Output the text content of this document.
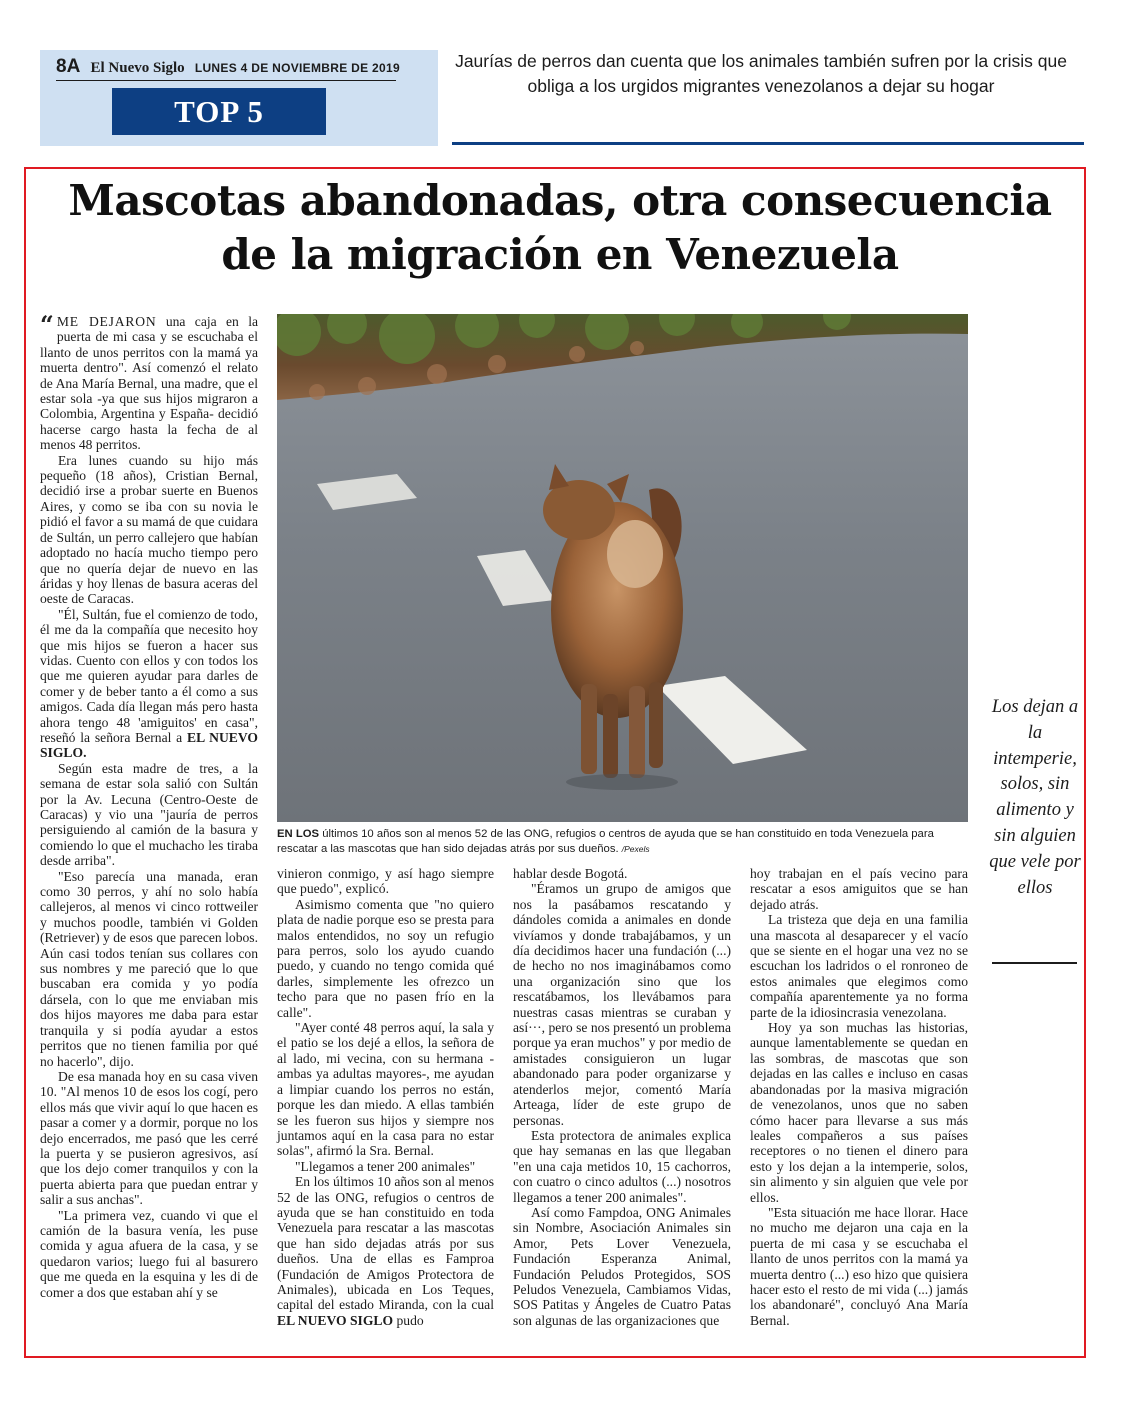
8A El Nuevo Siglo LUNES 4 DE NOVIEMBRE DE 2019
TOP 5
Jaurías de perros dan cuenta que los animales también sufren por la crisis que obliga a los urgidos migrantes venezolanos a dejar su hogar
Mascotas abandonadas, otra consecuencia
de la migración en Venezuela

“ ME DEJARON una caja en la puerta de mi casa y se escuchaba el llanto de unos perritos con la mamá ya muerta dentro". Así comenzó el relato de Ana María Bernal, una madre, que el estar sola -ya que sus hijos migraron a Colombia, Argentina y España- decidió hacerse cargo hasta la fecha de al menos 48 perritos.

Era lunes cuando su hijo más pequeño (18 años), Cristian Bernal, decidió irse a probar suerte en Buenos Aires, y como se iba con su novia le pidió el favor a su mamá de que cuidara de Sultán, un perro callejero que habían adoptado no hacía mucho tiempo pero que no quería dejar de nuevo en las áridas y hoy llenas de basura aceras del oeste de Caracas.

"Él, Sultán, fue el comienzo de todo, él me da la compañía que necesito hoy que mis hijos se fueron a hacer sus vidas. Cuento con ellos y con todos los que me quieren ayudar para darles de comer y de beber tanto a él como a sus amigos. Cada día llegan más pero hasta ahora tengo 48 'amiguitos' en casa", reseñó la señora Bernal a EL NUEVO SIGLO.

Según esta madre de tres, a la semana de estar sola salió con Sultán por la Av. Lecuna (Centro-Oeste de Caracas) y vio una "jauría de perros persiguiendo al camión de la basura y comiendo lo que el muchacho les tiraba desde arriba".

"Eso parecía una manada, eran como 30 perros, y ahí no solo había callejeros, al menos vi cinco rottweiler y muchos poodle, también vi Golden (Retriever) y de esos que parecen lobos. Aún casi todos tenían sus collares con sus nombres y me pareció que lo que buscaban era comida y yo podía dársela, con lo que me enviaban mis dos hijos mayores me daba para estar tranquila y si podía ayudar a estos perritos que no tienen familia por qué no hacerlo", dijo.

De esa manada hoy en su casa viven 10. "Al menos 10 de esos los cogí, pero ellos más que vivir aquí lo que hacen es pasar a comer y a dormir, porque no los dejo encerrados, me pasó que les cerré la puerta y se pusieron agresivos, así que los dejo comer tranquilos y con la puerta abierta para que puedan entrar y salir a sus anchas".

"La primera vez, cuando vi que el camión de la basura venía, les puse comida y agua afuera de la casa, y se quedaron varios; luego fui al basurero que me queda en la esquina y les di de comer a dos que estaban ahí y se

EN LOS últimos 10 años son al menos 52 de las ONG, refugios o centros de ayuda que se han constituido en toda Venezuela para rescatar a las mascotas que han sido dejadas atrás por sus dueños. /Pexels

vinieron conmigo, y así hago siempre que puedo", explicó.

Asimismo comenta que "no quiero plata de nadie porque eso se presta para malos entendidos, no soy un refugio para perros, solo los ayudo cuando puedo, y cuando no tengo comida qué darles, simplemente les ofrezco un techo para que no pasen frío en la calle".

"Ayer conté 48 perros aquí, la sala y el patio se los dejé a ellos, la señora de al lado, mi vecina, con su hermana -ambas ya adultas mayores-, me ayudan a limpiar cuando los perros no están, porque les dan miedo. A ellas también se les fueron sus hijos y siempre nos juntamos aquí en la casa para no estar solas", afirmó la Sra. Bernal.

"Llegamos a tener 200 animales"

En los últimos 10 años son al menos 52 de las ONG, refugios o centros de ayuda que se han constituido en toda Venezuela para rescatar a las mascotas que han sido dejadas atrás por sus dueños. Una de ellas es Famproa (Fundación de Amigos Protectora de Animales), ubicada en Los Teques, capital del estado Miranda, con la cual EL NUEVO SIGLO pudo

hablar desde Bogotá.

"Éramos un grupo de amigos que nos la pasábamos rescatando y dándoles comida a animales en donde vivíamos y donde trabajábamos, y un día decidimos hacer una fundación (...) de hecho no nos imaginábamos como una organización sino que los rescatábamos, los llevábamos para nuestras casas mientras se curaban y así···, pero se nos presentó un problema porque ya eran muchos" y por medio de amistades consiguieron un lugar abandonado para poder organizarse y atenderlos mejor, comentó María Arteaga, líder de este grupo de personas.

Esta protectora de animales explica que hay semanas en las que llegaban "en una caja metidos 10, 15 cachorros, con cuatro o cinco adultos (...) nosotros llegamos a tener 200 animales".

Así como Fampdoa, ONG Animales sin Nombre, Asociación Animales sin Amor, Pets Lover Venezuela, Fundación Esperanza Animal, Fundación Peludos Protegidos, SOS Peludos Venezuela, Cambiamos Vidas, SOS Patitas y Ángeles de Cuatro Patas son algunas de las organizaciones que

hoy trabajan en el país vecino para rescatar a esos amiguitos que se han dejado atrás.

La tristeza que deja en una familia una mascota al desaparecer y el vacío que se siente en el hogar una vez no se escuchan los ladridos o el ronroneo de estos animales que elegimos como compañía aparentemente ya no forma parte de la idiosincrasia venezolana.

Hoy ya son muchas las historias, aunque lamentablemente se quedan en las sombras, de mascotas que son dejadas en las calles e incluso en casas abandonadas por la masiva migración de venezolanos, unos que no saben cómo hacer para llevarse a sus más leales compañeros a sus países receptores o no tienen el dinero para esto y los dejan a la intemperie, solos, sin alimento y sin alguien que vele por ellos.

"Esta situación me hace llorar. Hace no mucho me dejaron una caja en la puerta de mi casa y se escuchaba el llanto de unos perritos con la mamá ya muerta dentro (...) eso hizo que quisiera hacer esto el resto de mi vida (...) jamás los abandonaré", concluyó Ana María Bernal.

Los dejan a la intemperie, solos, sin alimento y sin alguien que vele por ellos
